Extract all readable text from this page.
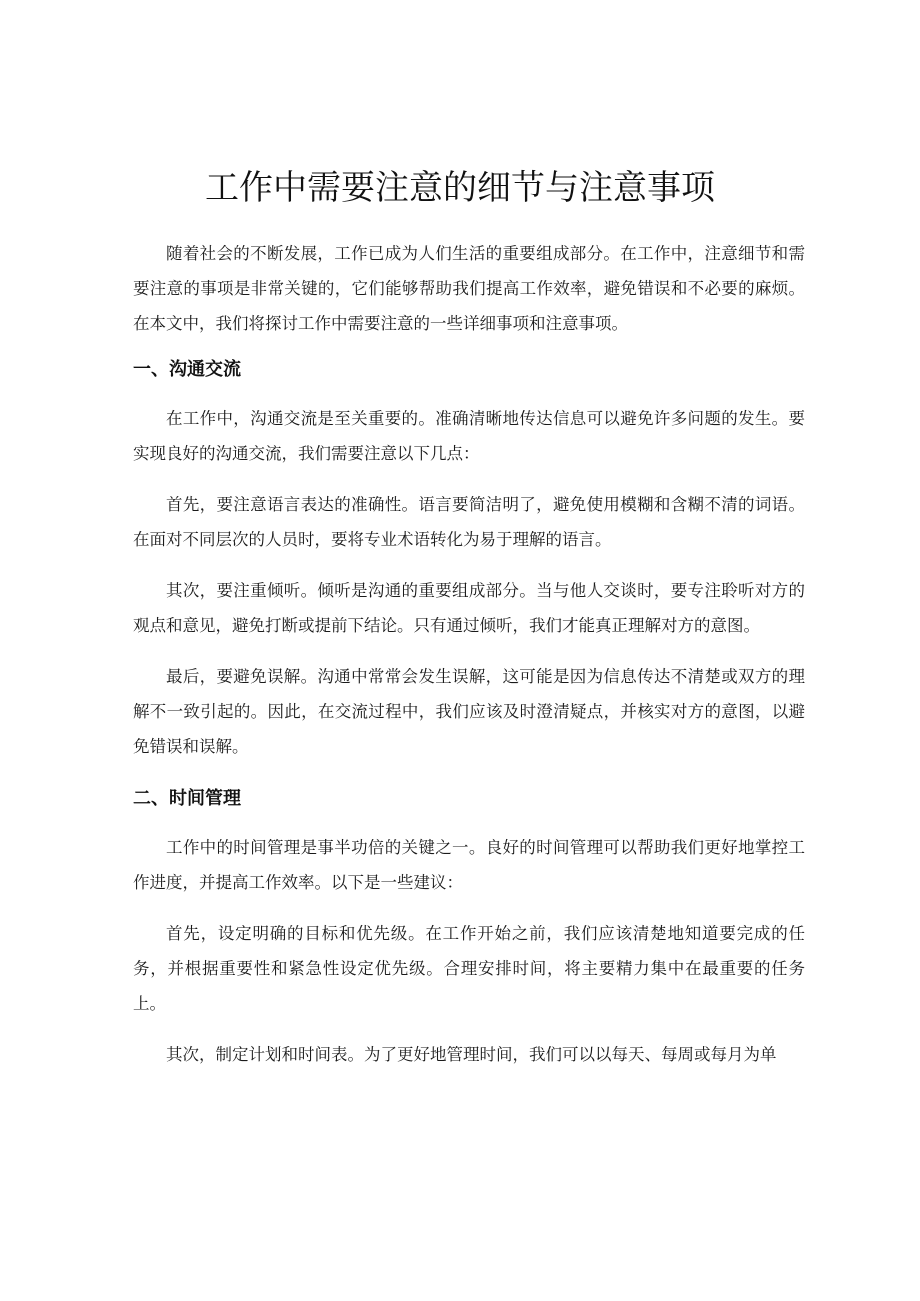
工作中需要注意的细节与注意事项

随着社会的不断发展，工作已成为人们生活的重要组成部分。在工作中，注意细节和需要注意的事项是非常关键的，它们能够帮助我们提高工作效率，避免错误和不必要的麻烦。在本文中，我们将探讨工作中需要注意的一些详细事项和注意事项。

一、沟通交流

在工作中，沟通交流是至关重要的。准确清晰地传达信息可以避免许多问题的发生。要实现良好的沟通交流，我们需要注意以下几点：

首先，要注意语言表达的准确性。语言要简洁明了，避免使用模糊和含糊不清的词语。在面对不同层次的人员时，要将专业术语转化为易于理解的语言。

其次，要注重倾听。倾听是沟通的重要组成部分。当与他人交谈时，要专注聆听对方的观点和意见，避免打断或提前下结论。只有通过倾听，我们才能真正理解对方的意图。

最后，要避免误解。沟通中常常会发生误解，这可能是因为信息传达不清楚或双方的理解不一致引起的。因此，在交流过程中，我们应该及时澄清疑点，并核实对方的意图，以避免错误和误解。

二、时间管理

工作中的时间管理是事半功倍的关键之一。良好的时间管理可以帮助我们更好地掌控工作进度，并提高工作效率。以下是一些建议：

首先，设定明确的目标和优先级。在工作开始之前，我们应该清楚地知道要完成的任务，并根据重要性和紧急性设定优先级。合理安排时间，将主要精力集中在最重要的任务上。

其次，制定计划和时间表。为了更好地管理时间，我们可以以每天、每周或每月为单
